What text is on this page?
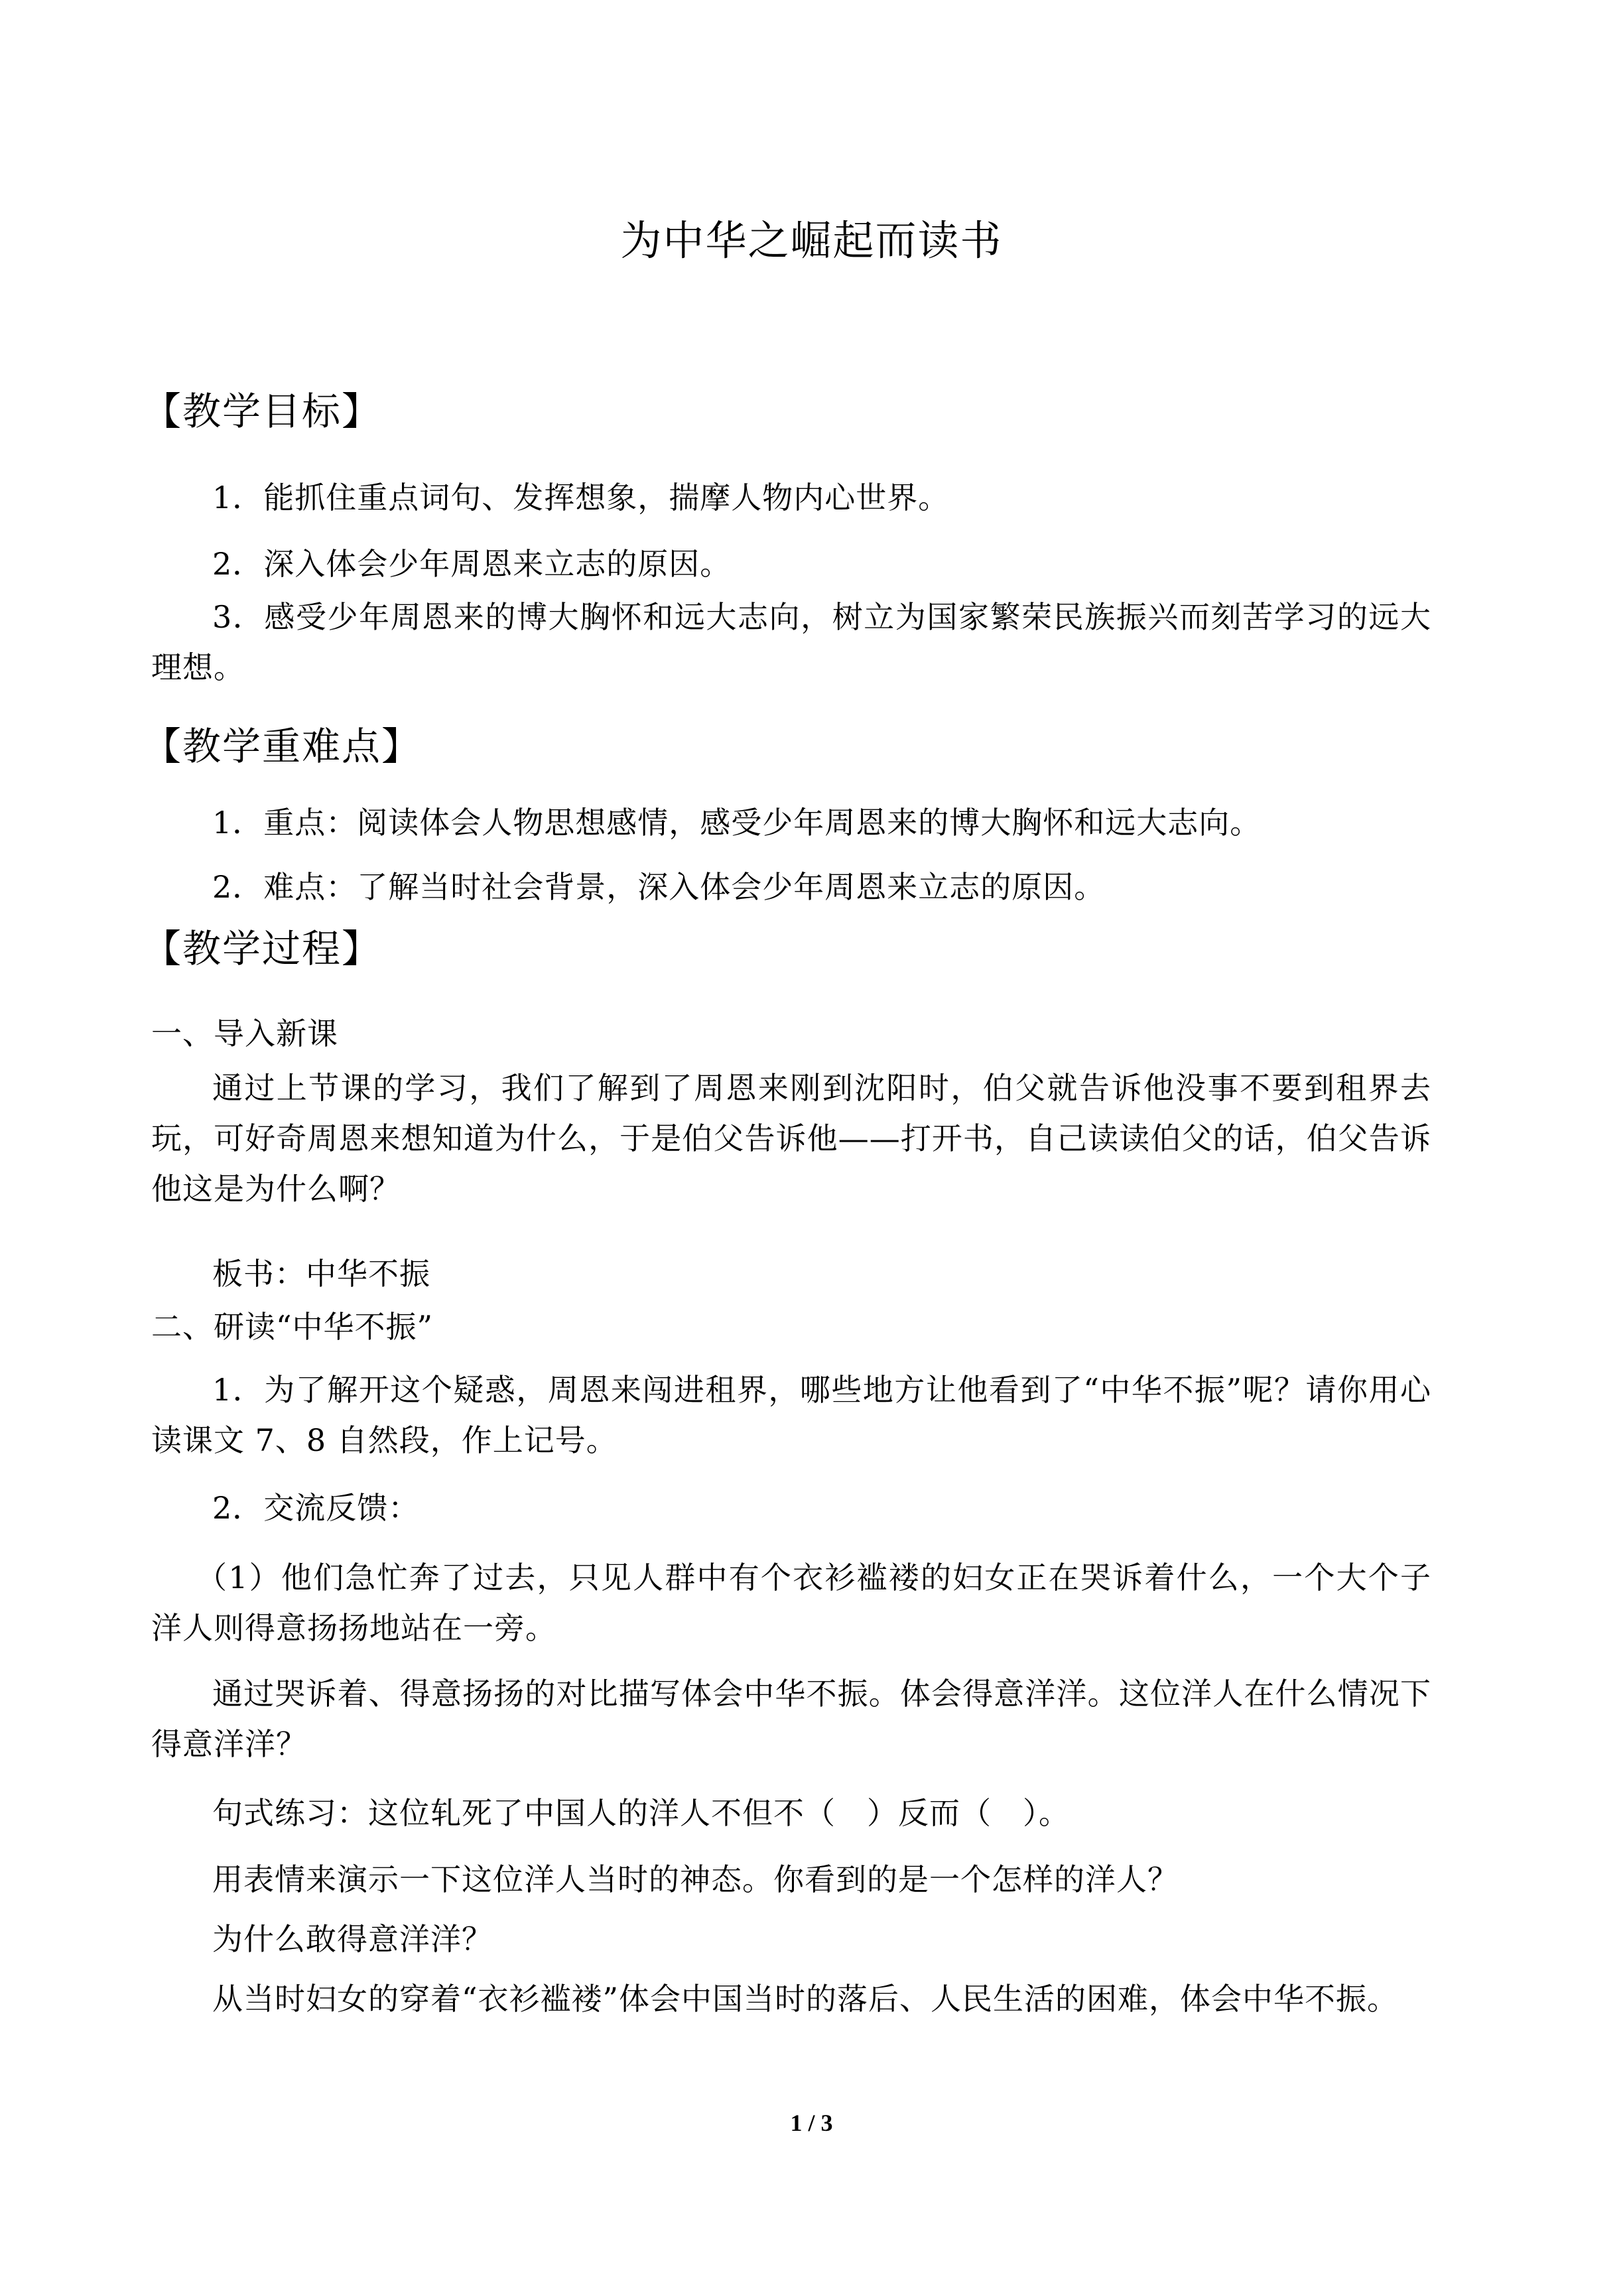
为中华之崛起而读书
【教学目标】
1．能抓住重点词句、发挥想象，揣摩人物内心世界。
2．深入体会少年周恩来立志的原因。
3．感受少年周恩来的博大胸怀和远大志向，树立为国家繁荣民族振兴而刻苦学习的远大理想。
【教学重难点】
1．重点：阅读体会人物思想感情，感受少年周恩来的博大胸怀和远大志向。
2．难点：了解当时社会背景，深入体会少年周恩来立志的原因。
【教学过程】
一、导入新课
通过上节课的学习，我们了解到了周恩来刚到沈阳时，伯父就告诉他没事不要到租界去玩，可好奇周恩来想知道为什么，于是伯父告诉他——打开书，自己读读伯父的话，伯父告诉他这是为什么啊？
板书：中华不振
二、研读“中华不振”
1．为了解开这个疑惑，周恩来闯进租界，哪些地方让他看到了“中华不振”呢？请你用心读课文 7、8 自然段，作上记号。
2．交流反馈：
（1）他们急忙奔了过去，只见人群中有个衣衫褴褛的妇女正在哭诉着什么，一个大个子洋人则得意扬扬地站在一旁。
通过哭诉着、得意扬扬的对比描写体会中华不振。体会得意洋洋。这位洋人在什么情况下得意洋洋？
句式练习：这位轧死了中国人的洋人不但不（　）反而（　）。
用表情来演示一下这位洋人当时的神态。你看到的是一个怎样的洋人？
为什么敢得意洋洋？
从当时妇女的穿着“衣衫褴褛”体会中国当时的落后、人民生活的困难，体会中华不振。
1 / 3
